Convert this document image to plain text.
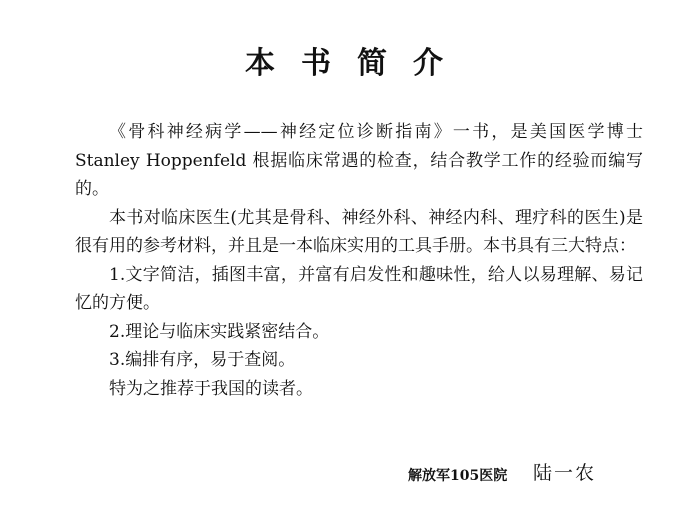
本书简介

《骨科神经病学——神经定位诊断指南》一书，是美国医学博士Stanley Hoppenfeld 根据临床常遇的检查，结合教学工作的经验而编写的。

本书对临床医生(尤其是骨科、神经外科、神经内科、理疗科的医生)是很有用的参考材料，并且是一本临床实用的工具手册。本书具有三大特点：

1.文字简洁，插图丰富，并富有启发性和趣味性，给人以易理解、易记忆的方便。

2.理论与临床实践紧密结合。

3.编排有序，易于查阅。

特为之推荐于我国的读者。

解放军105医院 陆一农
